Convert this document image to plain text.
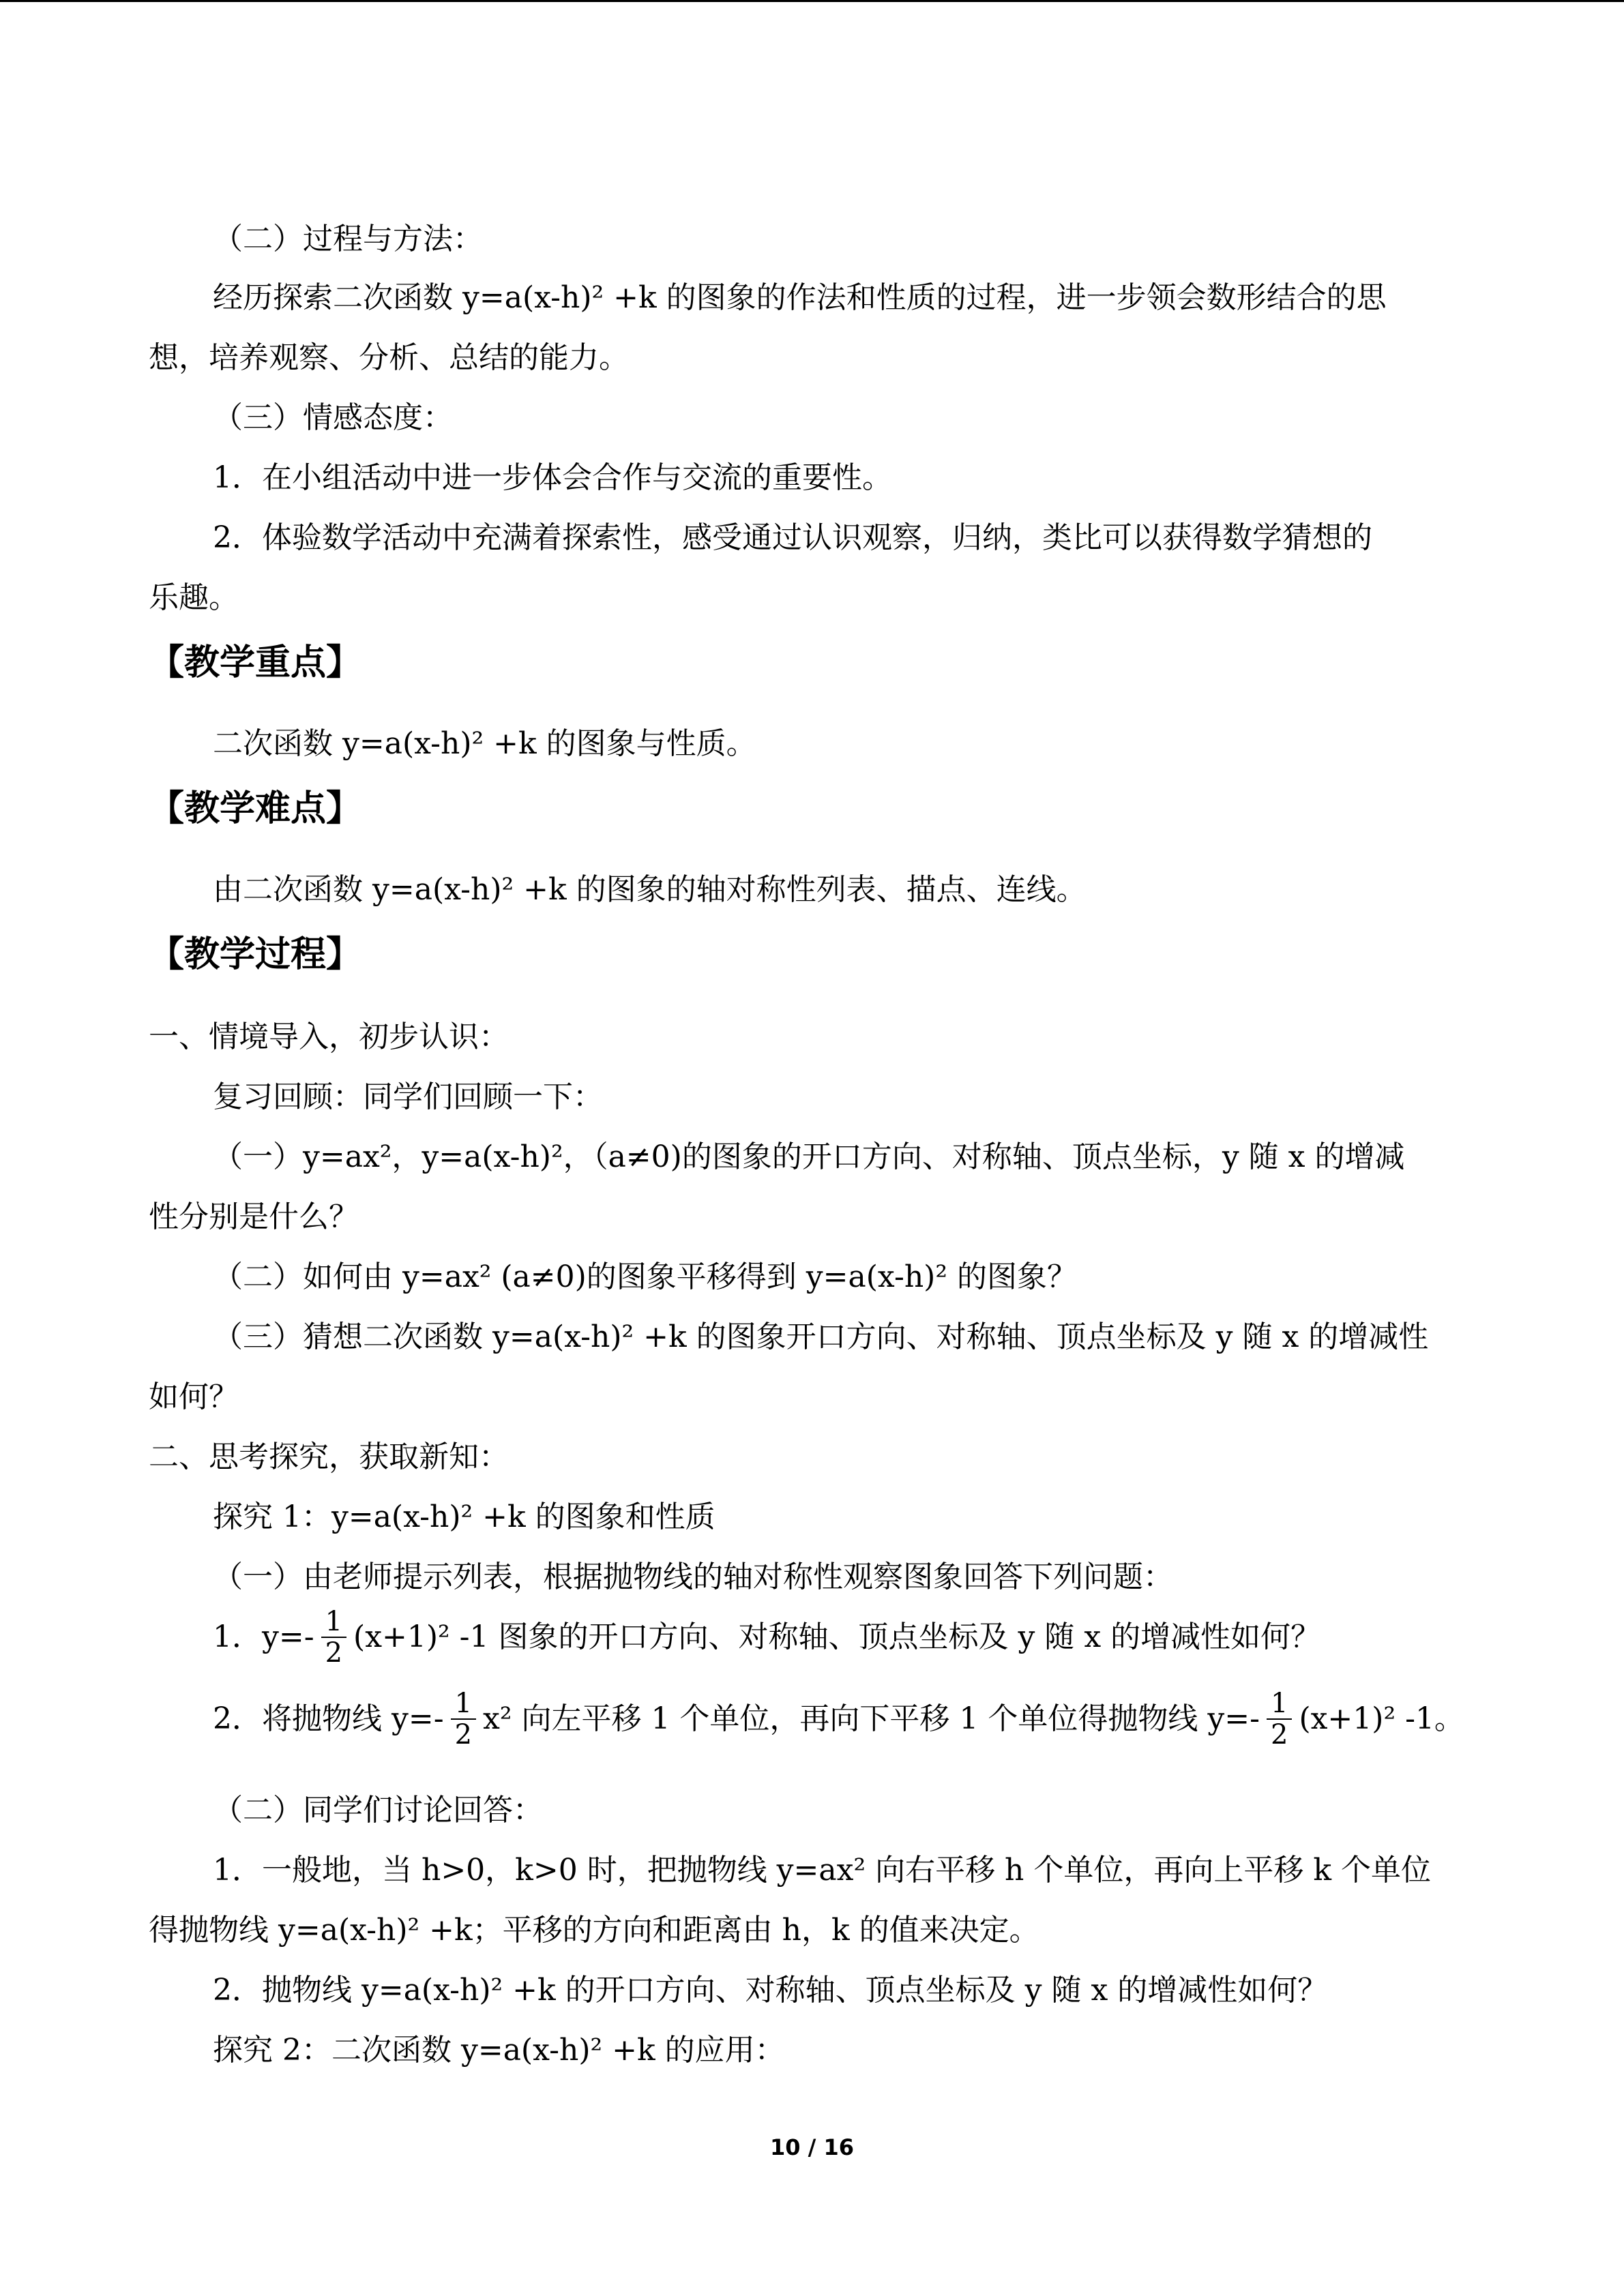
（二）过程与方法：
经历探索二次函数 y=a(x-h)² +k 的图象的作法和性质的过程，进一步领会数形结合的思
想，培养观察、分析、总结的能力。
（三）情感态度：
1．在小组活动中进一步体会合作与交流的重要性。
2．体验数学活动中充满着探索性，感受通过认识观察，归纳，类比可以获得数学猜想的
乐趣。
【教学重点】
二次函数 y=a(x-h)² +k 的图象与性质。
【教学难点】
由二次函数 y=a(x-h)² +k 的图象的轴对称性列表、描点、连线。
【教学过程】
一、情境导入，初步认识：
复习回顾：同学们回顾一下：
（一）y=ax²，y=a(x-h)²，（a≠0)的图象的开口方向、对称轴、顶点坐标，y 随 x 的增减
性分别是什么？
（二）如何由 y=ax² (a≠0)的图象平移得到 y=a(x-h)² 的图象？
（三）猜想二次函数 y=a(x-h)² +k 的图象开口方向、对称轴、顶点坐标及 y 随 x 的增减性
如何？
二、思考探究，获取新知：
探究 1：y=a(x-h)² +k 的图象和性质
（一）由老师提示列表，根据抛物线的轴对称性观察图象回答下列问题：
1．$y=- \frac{1}{2} (x+1)^2$ -1 图象的开口方向、对称轴、顶点坐标及 y 随 x 的增减性如何？
2．将抛物线 $y=- \frac{1}{2} x^2$ 向左平移 1 个单位，再向下平移 1 个单位得抛物线 $y=- \frac{1}{2} (x+1)^2$ -1。
（二）同学们讨论回答：
1．一般地，当 h>0，k>0 时，把抛物线 y=ax² 向右平移 h 个单位，再向上平移 k 个单位
得抛物线 y=a(x-h)² +k；平移的方向和距离由 h，k 的值来决定。
2．抛物线 y=a(x-h)² +k 的开口方向、对称轴、顶点坐标及 y 随 x 的增减性如何？
探究 2：二次函数 y=a(x-h)² +k 的应用：
10 / 16
